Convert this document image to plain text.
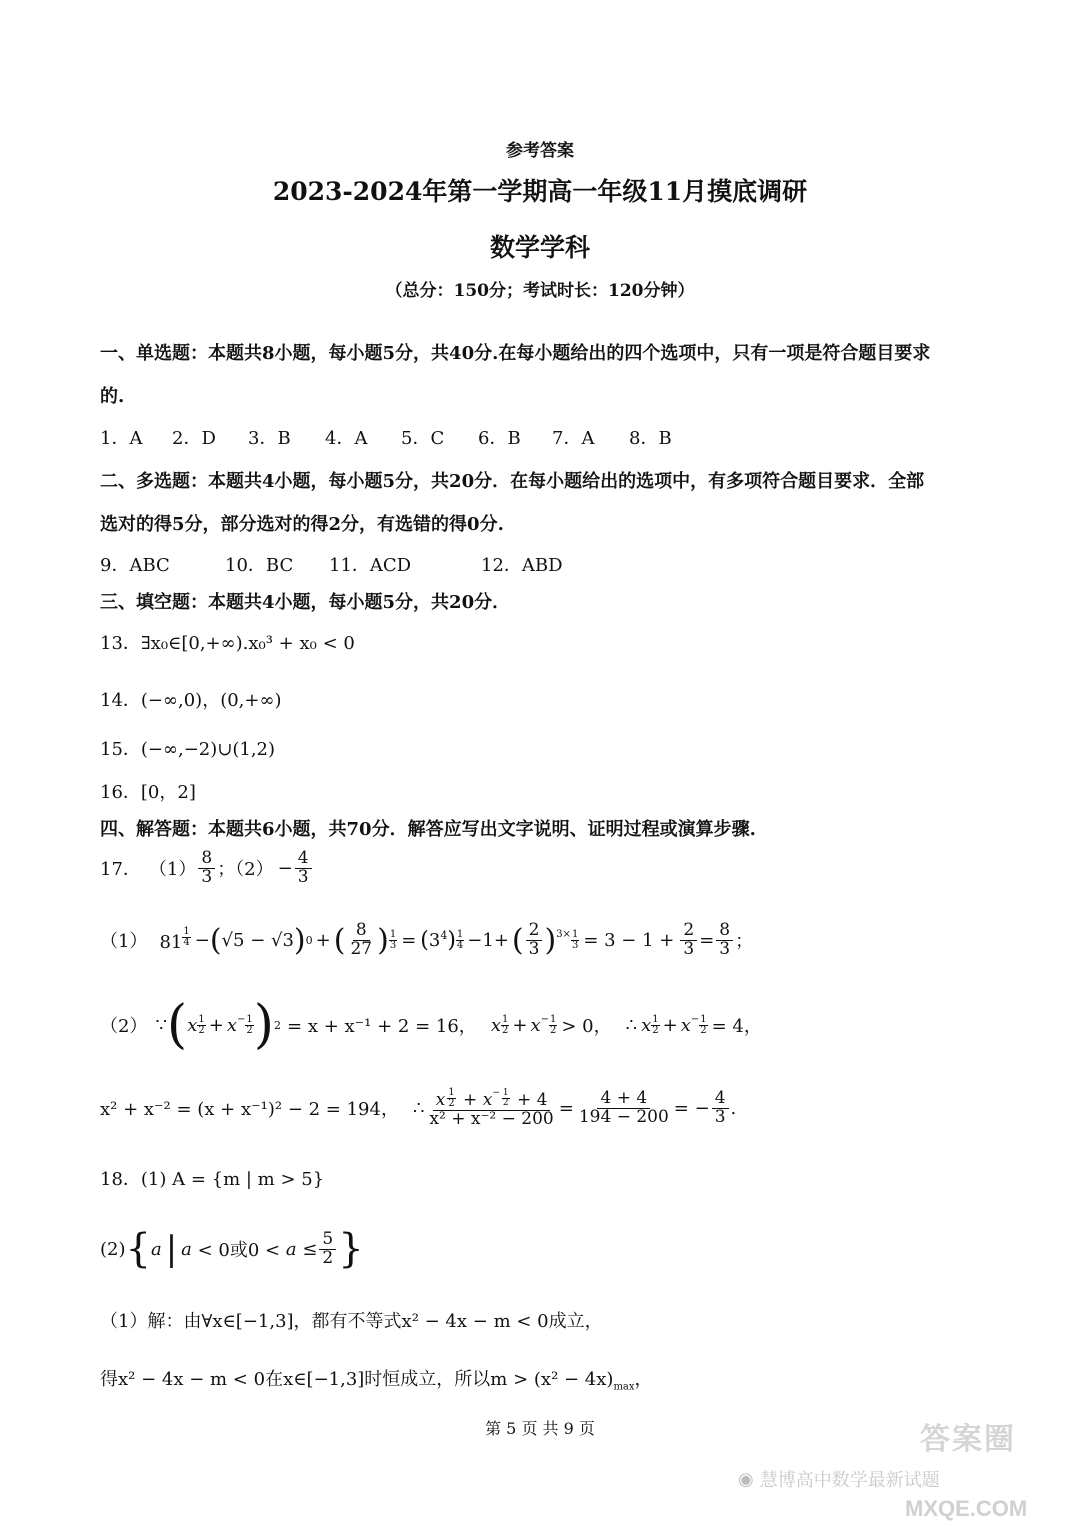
参考答案
2023-2024年第一学期高一年级11月摸底调研
数学学科
（总分：150分；考试时长：120分钟）
一、单选题：本题共8小题，每小题5分，共40分.在每小题给出的四个选项中，只有一项是符合题目要求
的.
1．A 2．D 3．B 4．A 5．C 6．B 7．A 8．B
二、多选题：本题共4小题，每小题5分，共20分．在每小题给出的选项中，有多项符合题目要求．全部
选对的得5分，部分选对的得2分，有选错的得0分.
9．ABC	10．BC 11．ACD	12．ABD
三、填空题：本题共4小题，每小题5分，共20分．
13．∃x₀∈[0,+∞).x₀³ + x₀ < 0
14．(−∞,0)，(0,+∞)
15．(−∞,−2)∪(1,2)
16．[0，2]
四、解答题：本题共6小题，共70分．解答应写出文字说明、证明过程或演算步骤.
17． $(1) \frac{8}{3}$ ；$(2) - \frac{4}{3}$
（1） $81 \frac{1}{4}$ − ( √5 − √3 ) 0 + ( $\frac{8}{27}$ ) $\frac{1}{3}$ = ( $3^4$ ) $\frac{1}{4} -1+$ ( $\frac{2}{3}$ ) $3\times \frac{1}{3} = 3 - 1 + \frac{2}{3} = \frac{8}{3}$ ；
（2） ∵ ( x $\frac{1}{2} + x - \frac{1}{2}$ ) 2 = x + x⁻¹ + 2 = 16， x $\frac{1}{2} + x - \frac{1}{2} > 0$， ∴ x $\frac{1}{2} + x - \frac{1}{2} = 4$，
x² + x⁻² = (x + x⁻¹)² − 2 = 194， ∴ x $\frac{1}{2} + x^{- \frac{1}{2}} + 4$
$x^2 + x^{-2} - 200 = \frac{4 + 4}{194 - 200}$ = − $\frac{4}{3}$ .
18．(1) A = {m | m > 5}
(2) { a | a < 0或$0 < a \le \frac{5}{2}$ }
（1）解：由∀x∈[−1,3]，都有不等式x² − 4x − m < 0成立，
得x² − 4x − m < 0在x∈[−1,3]时恒成立，所以$m > (x^2 - 4x)_{max}$，
第 5 页 共 9 页
◉ 慧博高中数学最新试题
答案圈
MXQE.COM
